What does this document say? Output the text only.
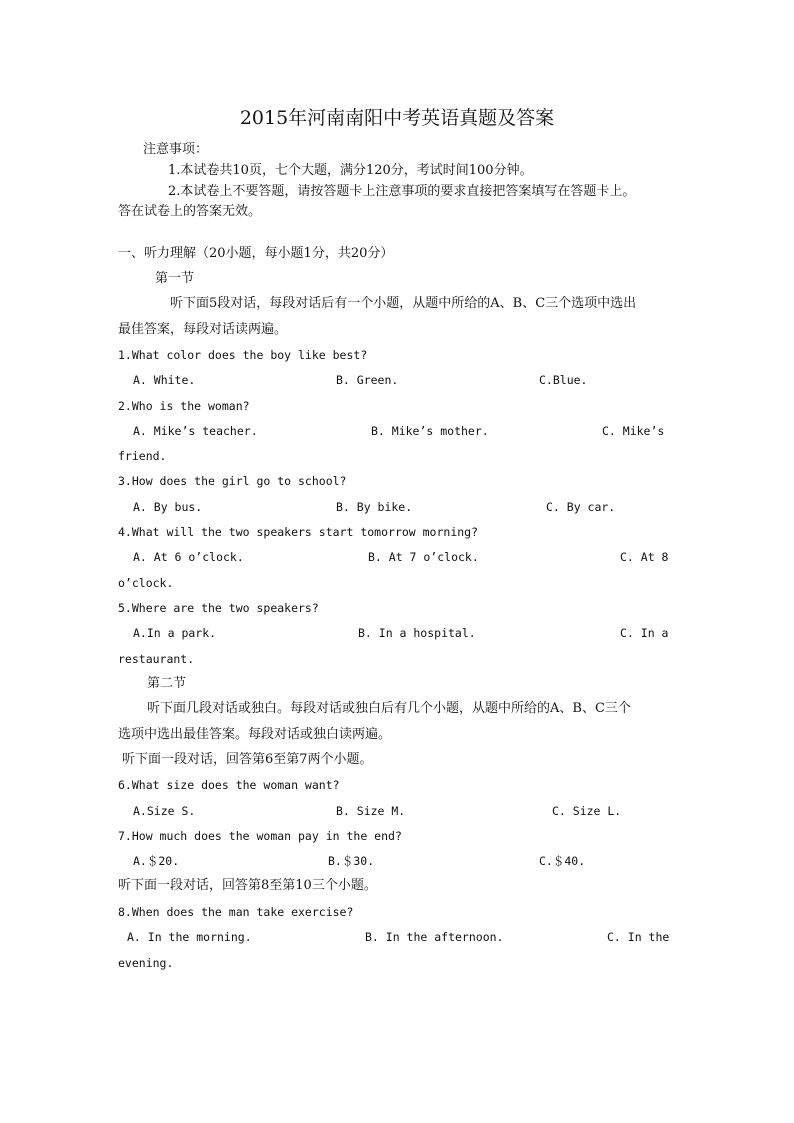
2015年河南南阳中考英语真题及答案
注意事项：
1.本试卷共10页，七个大题，满分120分，考试时间100分钟。
2.本试卷上不要答题，请按答题卡上注意事项的要求直接把答案填写在答题卡上。
答在试卷上的答案无效。
一、听力理解（20小题，每小题1分，共20分）
第一节
听下面5段对话，每段对话后有一个小题，从题中所给的A、B、C三个选项中选出
最佳答案，每段对话读两遍。
1.What color does the boy like best?
A. White.	B. Green.	C.Blue.
2.Who is the woman?
A. Mike’s teacher.	B. Mike’s mother.	C. Mike’s
friend.
3.How does the girl go to school?
A. By bus.	B. By bike.	C. By car.
4.What will the two speakers start tomorrow morning?
A. At 6 o’clock.	B. At 7 o’clock.	C. At 8
o’clock.
5.Where are the two speakers?
A.In a park.	B. In a hospital.	C. In a
restaurant.
第二节
听下面几段对话或独白。每段对话或独白后有几个小题，从题中所给的A、B、C三个
选项中选出最佳答案。每段对话或独白读两遍。
听下面一段对话，回答第6至第7两个小题。
6.What size does the woman want?
A.Size S.	B. Size M.	C. Size L.
7.How much does the woman pay in the end?
A.＄20.	B.＄30.	C.＄40.
听下面一段对话，回答第8至第10三个小题。
8.When does the man take exercise?
A. In the morning.	B. In the afternoon.	C. In the
evening.
